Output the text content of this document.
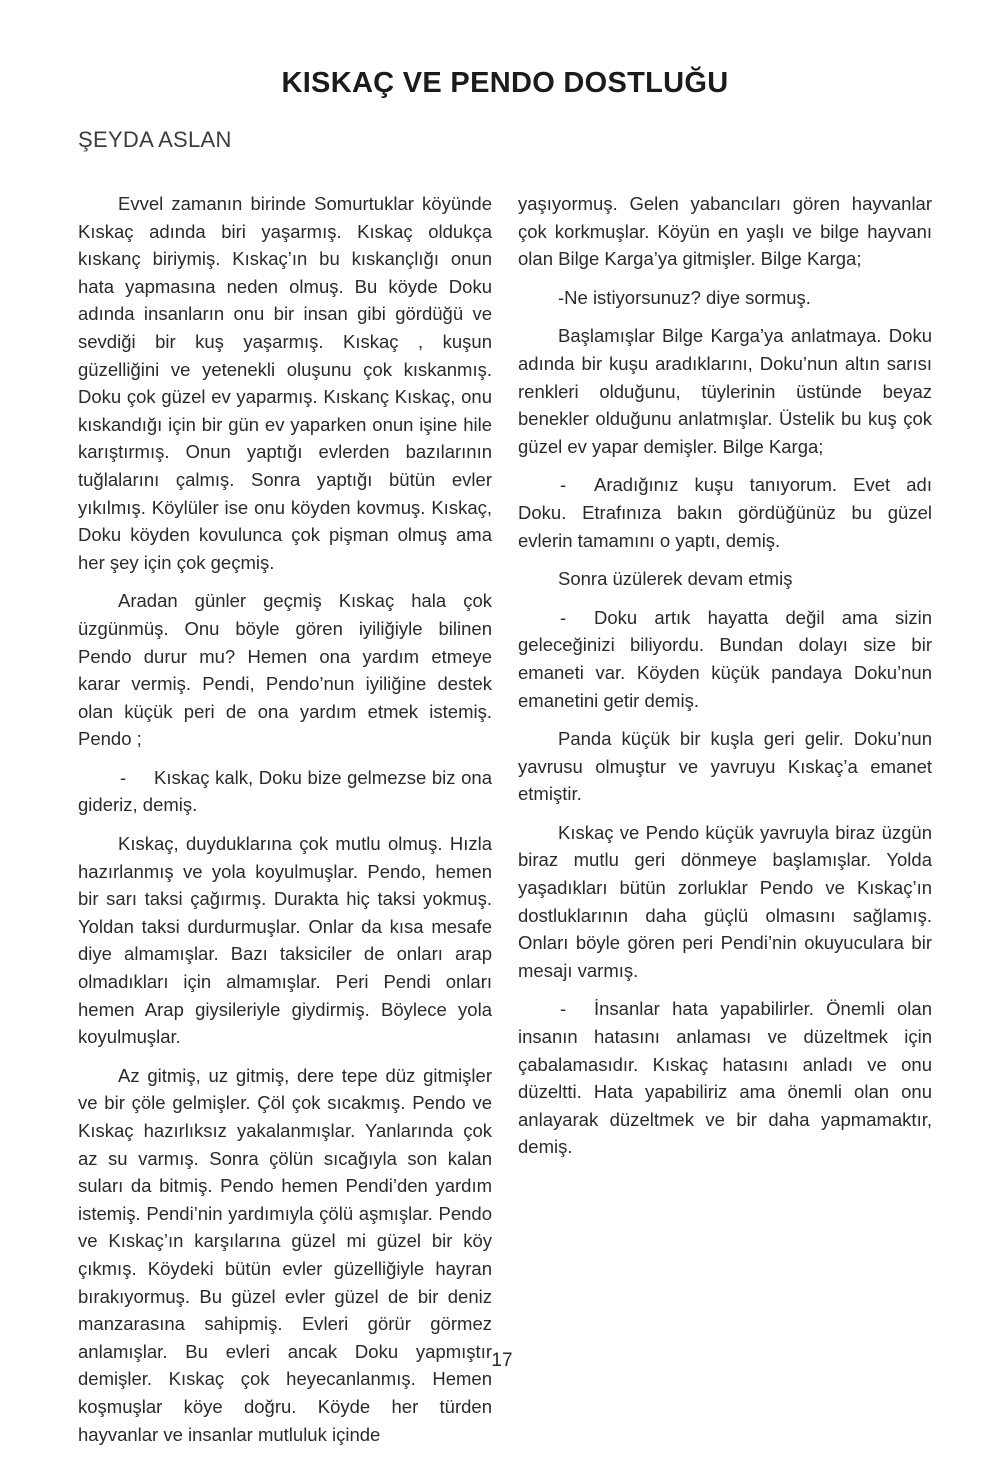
KISKAÇ VE PENDO DOSTLUĞU
ŞEYDA ASLAN

Evvel zamanın birinde Somurtuklar köyünde Kıskaç adında biri yaşarmış. Kıskaç oldukça kıskanç biriymiş. Kıskaç’ın bu kıskançlığı onun hata yapmasına neden olmuş. Bu köyde Doku adında insanların onu bir insan gibi gördüğü ve sevdiği bir kuş yaşarmış. Kıskaç , kuşun güzelliğini ve yetenekli oluşunu çok kıskanmış. Doku çok güzel ev yaparmış. Kıskanç Kıskaç, onu kıskandığı için bir gün ev yaparken onun işine hile karıştırmış. Onun yaptığı evlerden bazılarının tuğlalarını çalmış. Sonra yaptığı bütün evler yıkılmış. Köylüler ise onu köyden kovmuş. Kıskaç, Doku köyden kovulunca çok pişman olmuş ama her şey için çok geçmiş.

Aradan günler geçmiş Kıskaç hala çok üzgünmüş. Onu böyle gören iyiliğiyle bilinen Pendo durur mu? Hemen ona yardım etmeye karar vermiş. Pendi, Pendo’nun iyiliğine destek olan küçük peri de ona yardım etmek istemiş. Pendo ;

- Kıskaç kalk, Doku bize gelmezse biz ona gideriz, demiş.

Kıskaç, duyduklarına çok mutlu olmuş. Hızla hazırlanmış ve yola koyulmuşlar. Pendo, hemen bir sarı taksi çağırmış. Durakta hiç taksi yokmuş. Yoldan taksi durdurmuşlar. Onlar da kısa mesafe diye almamışlar. Bazı taksiciler de onları arap olmadıkları için almamışlar. Peri Pendi onları hemen Arap giysileriyle giydirmiş. Böylece yola koyulmuşlar.

Az gitmiş, uz gitmiş, dere tepe düz gitmişler ve bir çöle gelmişler. Çöl çok sıcakmış. Pendo ve Kıskaç hazırlıksız yakalanmışlar. Yanlarında çok az su varmış. Sonra çölün sıcağıyla son kalan suları da bitmiş. Pendo hemen Pendi’den yardım istemiş. Pendi’nin yardımıyla çölü aşmışlar. Pendo ve Kıskaç’ın karşılarına güzel mi güzel bir köy çıkmış. Köydeki bütün evler güzelliğiyle hayran bırakıyormuş. Bu güzel evler güzel de bir deniz manzarasına sahipmiş. Evleri görür görmez anlamışlar. Bu evleri ancak Doku yapmıştır demişler. Kıskaç çok heyecanlanmış. Hemen koşmuşlar köye doğru. Köyde her türden hayvanlar ve insanlar mutluluk içinde

yaşıyormuş. Gelen yabancıları gören hayvanlar çok korkmuşlar. Köyün en yaşlı ve bilge hayvanı olan Bilge Karga’ya gitmişler. Bilge Karga;

-Ne istiyorsunuz? diye sormuş.

Başlamışlar Bilge Karga’ya anlatmaya. Doku adında bir kuşu aradıklarını, Doku’nun altın sarısı renkleri olduğunu, tüylerinin üstünde beyaz benekler olduğunu anlatmışlar. Üstelik bu kuş çok güzel ev yapar demişler. Bilge Karga;

- Aradığınız kuşu tanıyorum. Evet adı Doku. Etrafınıza bakın gördüğünüz bu güzel evlerin tamamını o yaptı, demiş.

Sonra üzülerek devam etmiş

- Doku artık hayatta değil ama sizin geleceğinizi biliyordu. Bundan dolayı size bir emaneti var. Köyden küçük pandaya Doku’nun emanetini getir demiş.

Panda küçük bir kuşla geri gelir. Doku’nun yavrusu olmuştur ve yavruyu Kıskaç’a emanet etmiştir.

Kıskaç ve Pendo küçük yavruyla biraz üzgün biraz mutlu geri dönmeye başlamışlar. Yolda yaşadıkları bütün zorluklar Pendo ve Kıskaç’ın dostluklarının daha güçlü olmasını sağlamış. Onları böyle gören peri Pendi’nin okuyuculara bir mesajı varmış.

- İnsanlar hata yapabilirler. Önemli olan insanın hatasını anlaması ve düzeltmek için çabalamasıdır. Kıskaç hatasını anladı ve onu düzeltti. Hata yapabiliriz ama önemli olan onu anlayarak düzeltmek ve bir daha yapmamaktır, demiş.

17
